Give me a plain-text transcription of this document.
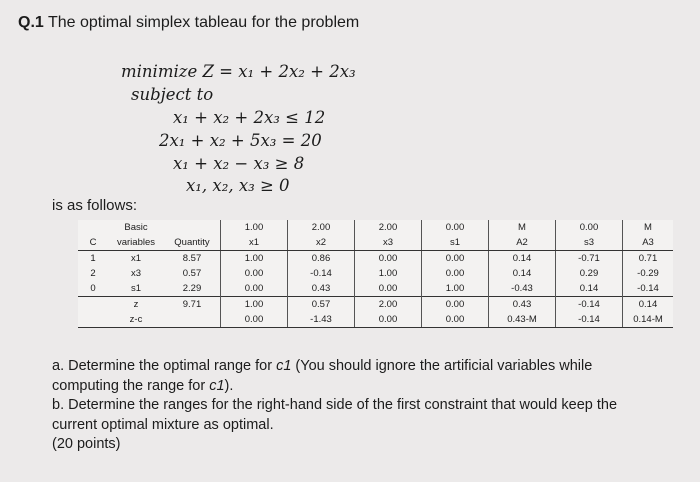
Q.1 The optimal simplex tableau for the problem
minimize Z = x₁ + 2x₂ + 2x₃
subject to
x₁ + x₂ + 2x₃ ≤ 12
2x₁ + x₂ + 5x₃ = 20
x₁ + x₂ − x₃ ≥ 8
x₁, x₂, x₃ ≥ 0
is as follows:
	Basic		1.00	2.00	2.00	0.00	M	0.00	M
C	variables	Quantity	x1	x2	x3	s1	A2	s3	A3
1	x1	8.57	1.00	0.86	0.00	0.00	0.14	-0.71	0.71
2	x3	0.57	0.00	-0.14	1.00	0.00	0.14	0.29	-0.29
0	s1	2.29	0.00	0.43	0.00	1.00	-0.43	0.14	-0.14
	z	9.71	1.00	0.57	2.00	0.00	0.43	-0.14	0.14
	z-c		0.00	-1.43	0.00	0.00	0.43-M	-0.14	0.14-M
a. Determine the optimal range for c1 (You should ignore the artificial variables while computing the range for c1).
b. Determine the ranges for the right-hand side of the first constraint that would keep the current optimal mixture as optimal.
(20 points)
